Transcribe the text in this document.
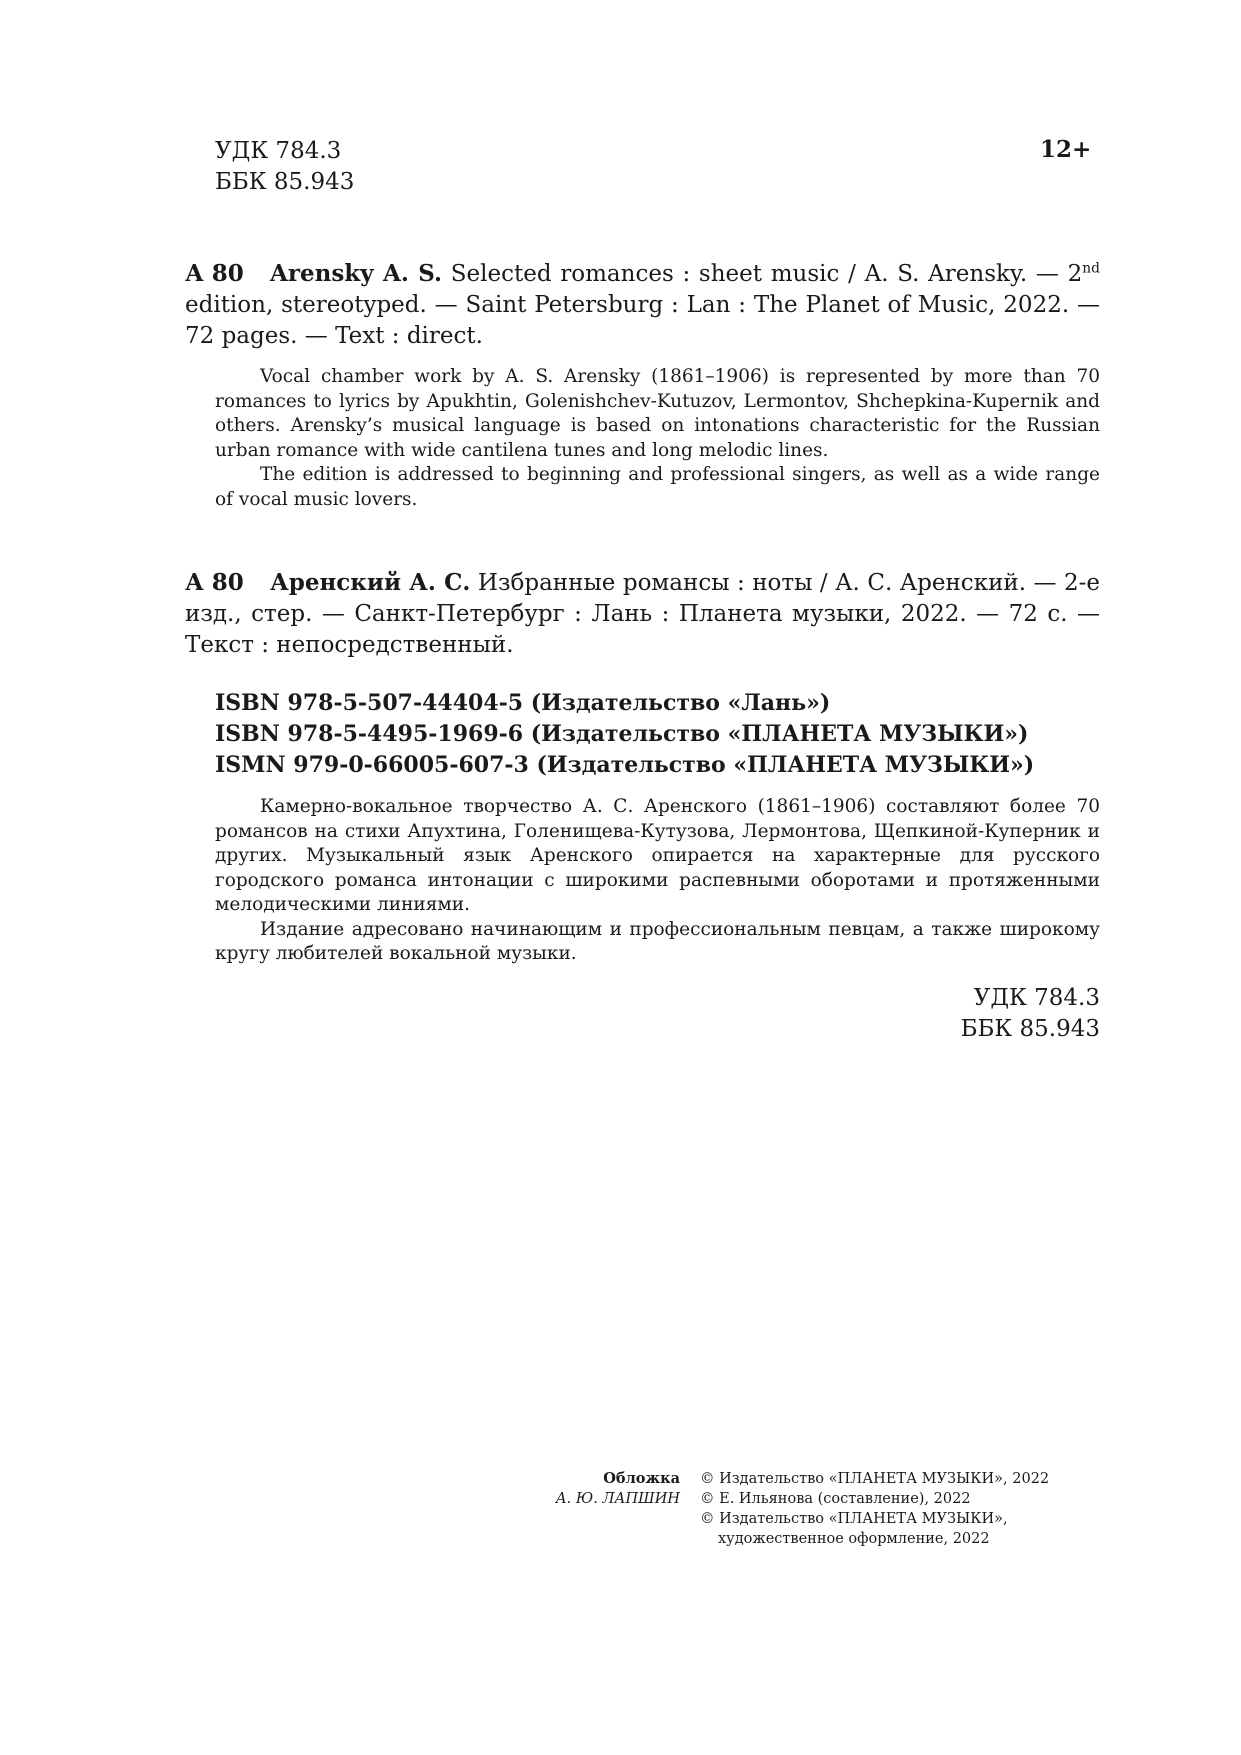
УДК 784.3
ББК 85.943
12+
А 80	Arensky A. S. Selected romances : sheet music / A. S. Arensky. — 2nd edition, stereotyped. — Saint Petersburg : Lan : The Planet of Music, 2022. — 72 pages. — Text : direct.

Vocal chamber work by A. S. Arensky (1861–1906) is represented by more than 70 romances to lyrics by Apukhtin, Golenishchev-Kutuzov, Lermontov, Shchepkina-Kupernik and others. Arensky’s musical language is based on intonations characteristic for the Russian urban romance with wide cantilena tunes and long melodic lines.

The edition is addressed to beginning and professional singers, as well as a wide range of vocal music lovers.

А 80	Аренский А. С. Избранные романсы : ноты / А. С. Аренский. — 2-е изд., стер. — Санкт-Петербург : Лань : Планета музыки, 2022. — 72 с. — Текст : непосредственный.
ISBN 978-5-507-44404-5 (Издательство «Лань»)
ISBN 978-5-4495-1969-6 (Издательство «ПЛАНЕТА МУЗЫКИ»)
ISMN 979-0-66005-607-3 (Издательство «ПЛАНЕТА МУЗЫКИ»)

Камерно-вокальное творчество А. С. Аренского (1861–1906) составляют более 70 романсов на стихи Апухтина, Голенищева-Кутузова, Лермонтова, Щепкиной-Куперник и других. Музыкальный язык Аренского опирается на характерные для русского городского романса интонации с широкими распевными оборотами и протяженными мелодическими линиями.

Издание адресовано начинающим и профессиональным певцам, а также широкому кругу любителей вокальной музыки.

УДК 784.3
ББК 85.943
Обложка
А. Ю. ЛАПШИН
© Издательство «ПЛАНЕТА МУЗЫКИ», 2022
© Е. Ильянова (составление), 2022
© Издательство «ПЛАНЕТА МУЗЫКИ»,
художественное оформление, 2022
